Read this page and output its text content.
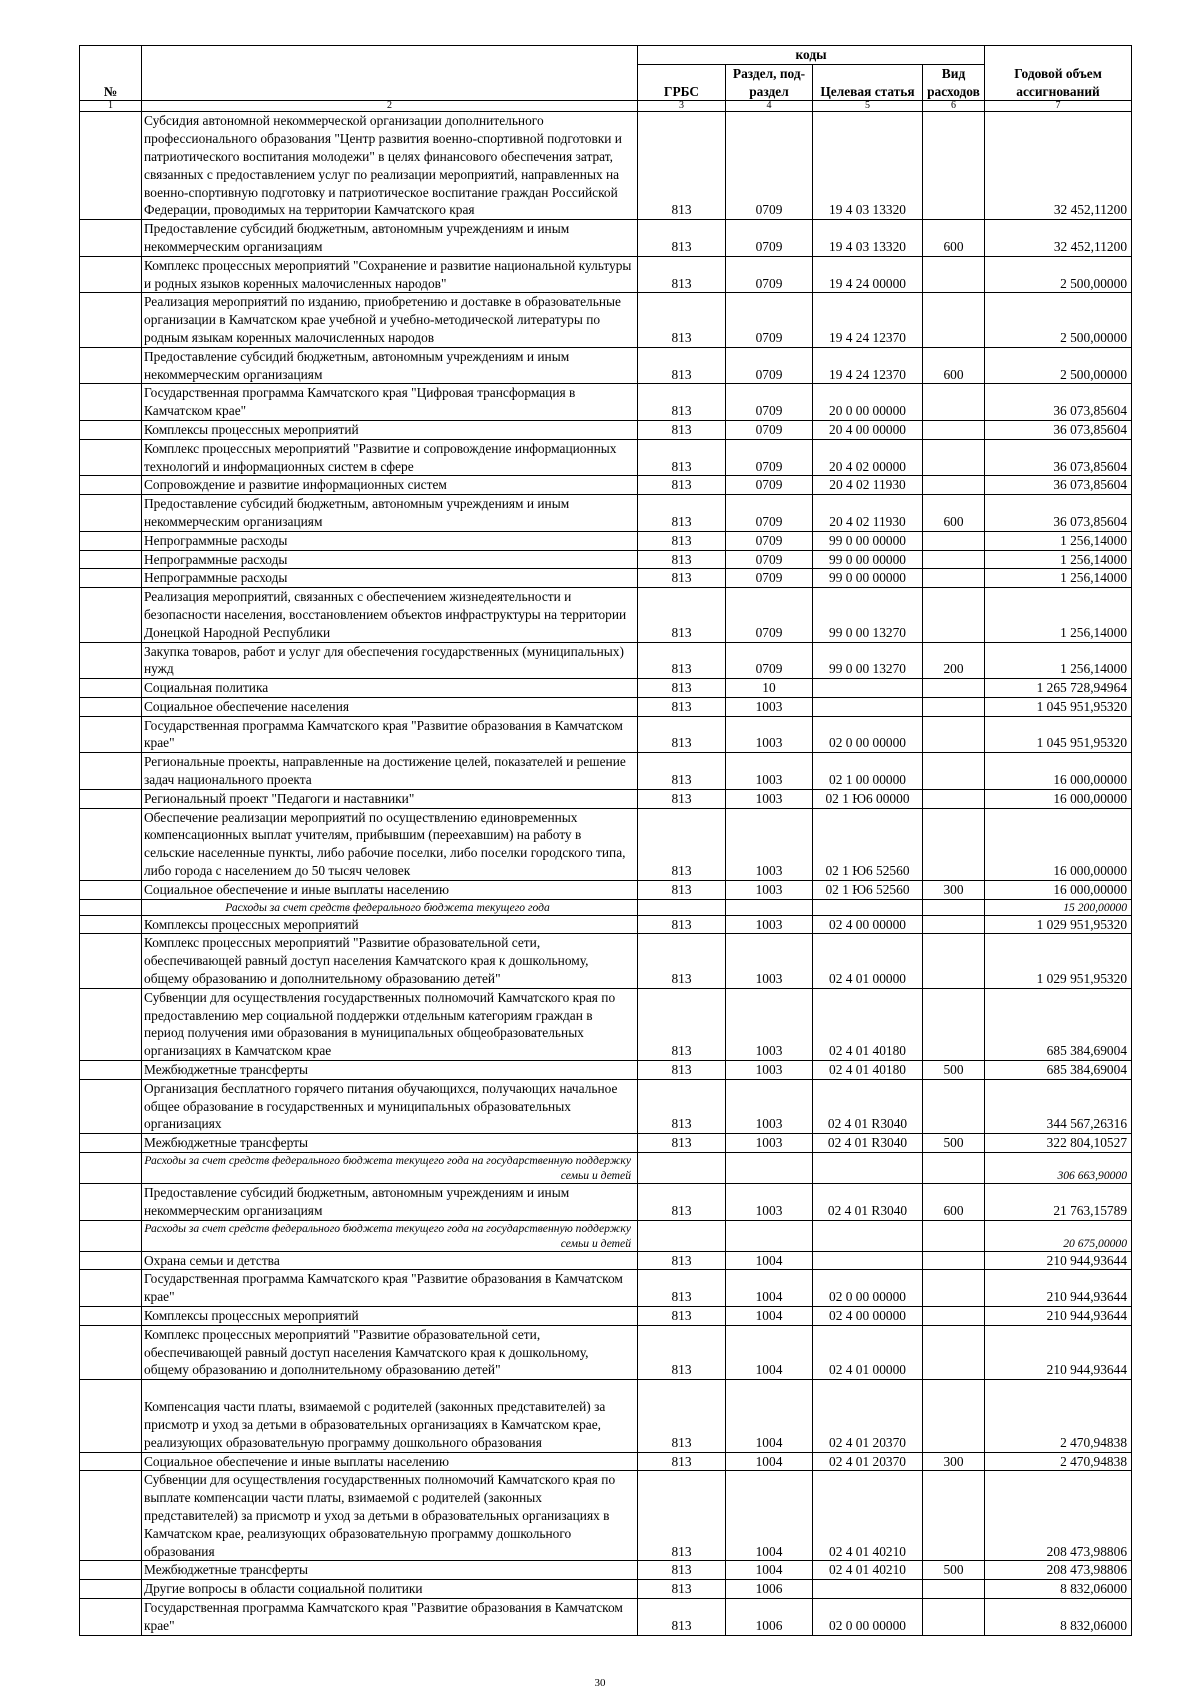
№		коды				Годовой объем ассигнований
		ГРБС	Раздел, под-раздел	Целевая статья	Вид расходов	
1	2	3	4	5	6	7
	Субсидия автономной некоммерческой организации дополнительного профессионального образования "Центр развития военно-спортивной подготовки и патриотического воспитания молодежи" в целях финансового обеспечения затрат, связанных с предоставлением услуг по реализации мероприятий, направленных на военно-спортивную подготовку и патриотическое воспитание граждан Российской Федерации, проводимых на территории Камчатского края	813	0709	19 4 03 13320		32 452,11200
	Предоставление субсидий бюджетным, автономным учреждениям и иным некоммерческим организациям	813	0709	19 4 03 13320	600	32 452,11200
	Комплекс процессных мероприятий "Сохранение и развитие национальной культуры и родных языков коренных малочисленных народов"	813	0709	19 4 24 00000		2 500,00000
	Реализация мероприятий по изданию, приобретению и доставке в образовательные организации в Камчатском крае учебной и учебно-методической литературы по родным языкам коренных малочисленных народов	813	0709	19 4 24 12370		2 500,00000
	Предоставление субсидий бюджетным, автономным учреждениям и иным некоммерческим организациям	813	0709	19 4 24 12370	600	2 500,00000
	Государственная программа Камчатского края "Цифровая трансформация в Камчатском крае"	813	0709	20 0 00 00000		36 073,85604
	Комплексы процессных мероприятий	813	0709	20 4 00 00000		36 073,85604
	Комплекс процессных мероприятий "Развитие и сопровождение информационных технологий и информационных систем в сфере	813	0709	20 4 02 00000		36 073,85604
	Сопровождение и развитие информационных систем	813	0709	20 4 02 11930		36 073,85604
	Предоставление субсидий бюджетным, автономным учреждениям и иным некоммерческим организациям	813	0709	20 4 02 11930	600	36 073,85604
	Непрограммные расходы	813	0709	99 0 00 00000		1 256,14000
	Непрограммные расходы	813	0709	99 0 00 00000		1 256,14000
	Непрограммные расходы	813	0709	99 0 00 00000		1 256,14000
	Реализация мероприятий, связанных с обеспечением жизнедеятельности и безопасности населения, восстановлением объектов инфраструктуры на территории Донецкой Народной Республики	813	0709	99 0 00 13270		1 256,14000
	Закупка товаров, работ и услуг для обеспечения государственных (муниципальных) нужд	813	0709	99 0 00 13270	200	1 256,14000
	Социальная политика	813	10			1 265 728,94964
	Социальное обеспечение населения	813	1003			1 045 951,95320
	Государственная программа Камчатского края "Развитие образования в Камчатском крае"	813	1003	02 0 00 00000		1 045 951,95320
	Региональные проекты, направленные на достижение целей, показателей и решение задач национального проекта	813	1003	02 1 00 00000		16 000,00000
	Региональный проект "Педагоги и наставники"	813	1003	02 1 Ю6 00000		16 000,00000
	Обеспечение реализации мероприятий по осуществлению единовременных компенсационных выплат учителям, прибывшим (переехавшим) на работу в сельские населенные пункты, либо рабочие поселки, либо поселки городского типа, либо города с населением до 50 тысяч человек	813	1003	02 1 Ю6 52560		16 000,00000
	Социальное обеспечение и иные выплаты населению	813	1003	02 1 Ю6 52560	300	16 000,00000
	Расходы за счет средств федерального бюджета текущего года					15 200,00000
	Комплексы процессных мероприятий	813	1003	02 4 00 00000		1 029 951,95320
	Комплекс процессных мероприятий "Развитие образовательной сети, обеспечивающей равный доступ населения Камчатского края к дошкольному, общему образованию и дополнительному образованию детей"	813	1003	02 4 01 00000		1 029 951,95320
	Субвенции для осуществления государственных полномочий Камчатского края по предоставлению мер социальной поддержки отдельным категориям граждан в период получения ими образования в муниципальных общеобразовательных организациях в Камчатском крае	813	1003	02 4 01 40180		685 384,69004
	Межбюджетные трансферты	813	1003	02 4 01 40180	500	685 384,69004
	Организация бесплатного горячего питания обучающихся, получающих начальное общее образование в государственных и муниципальных образовательных организациях	813	1003	02 4 01 R3040		344 567,26316
	Межбюджетные трансферты	813	1003	02 4 01 R3040	500	322 804,10527
	Расходы за счет средств федерального бюджета текущего года на государственную поддержку семьи и детей					306 663,90000
	Предоставление субсидий бюджетным, автономным учреждениям и иным некоммерческим организациям	813	1003	02 4 01 R3040	600	21 763,15789
	Расходы за счет средств федерального бюджета текущего года на государственную поддержку семьи и детей					20 675,00000
	Охрана семьи и детства	813	1004			210 944,93644
	Государственная программа Камчатского края "Развитие образования в Камчатском крае"	813	1004	02 0 00 00000		210 944,93644
	Комплексы процессных мероприятий	813	1004	02 4 00 00000		210 944,93644
	Комплекс процессных мероприятий "Развитие образовательной сети, обеспечивающей равный доступ населения Камчатского края к дошкольному, общему образованию и дополнительному образованию детей"	813	1004	02 4 01 00000		210 944,93644
	Компенсация части платы, взимаемой с родителей (законных представителей) за присмотр и уход за детьми в образовательных организациях в Камчатском крае, реализующих образовательную программу дошкольного образования	813	1004	02 4 01 20370		2 470,94838
	Социальное обеспечение и иные выплаты населению	813	1004	02 4 01 20370	300	2 470,94838
	Субвенции для осуществления государственных полномочий Камчатского края по выплате компенсации части платы, взимаемой с родителей (законных представителей) за присмотр и уход за детьми в образовательных организациях в Камчатском крае, реализующих образовательную программу дошкольного образования	813	1004	02 4 01 40210		208 473,98806
	Межбюджетные трансферты	813	1004	02 4 01 40210	500	208 473,98806
	Другие вопросы в области социальной политики	813	1006			8 832,06000
	Государственная программа Камчатского края "Развитие образования в Камчатском крае"	813	1006	02 0 00 00000		8 832,06000
30
